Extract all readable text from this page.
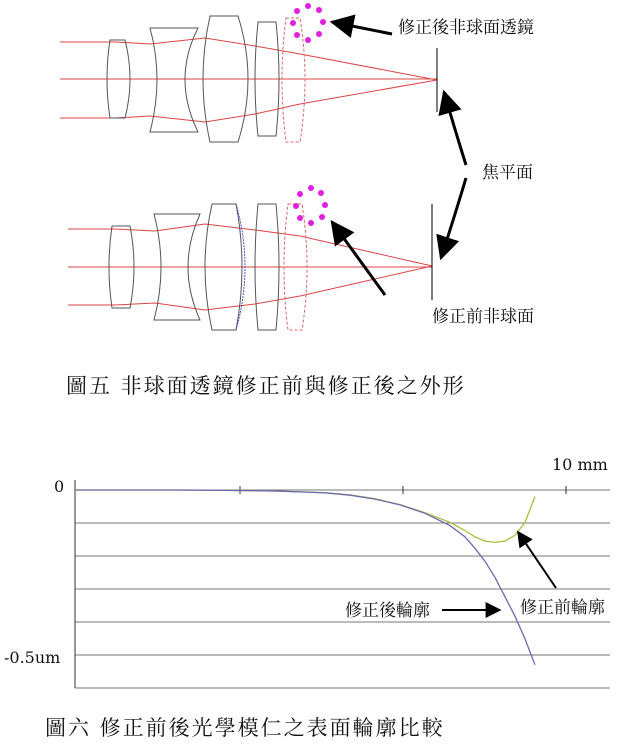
修正後非球面透鏡
焦平面
修正前非球面
圖五 非球面透鏡修正前與修正後之外形
10 mm
0
-0.5um
修正後輪廓	修正前輪廓
圖六 修正前後光學模仁之表面輪廓比較
